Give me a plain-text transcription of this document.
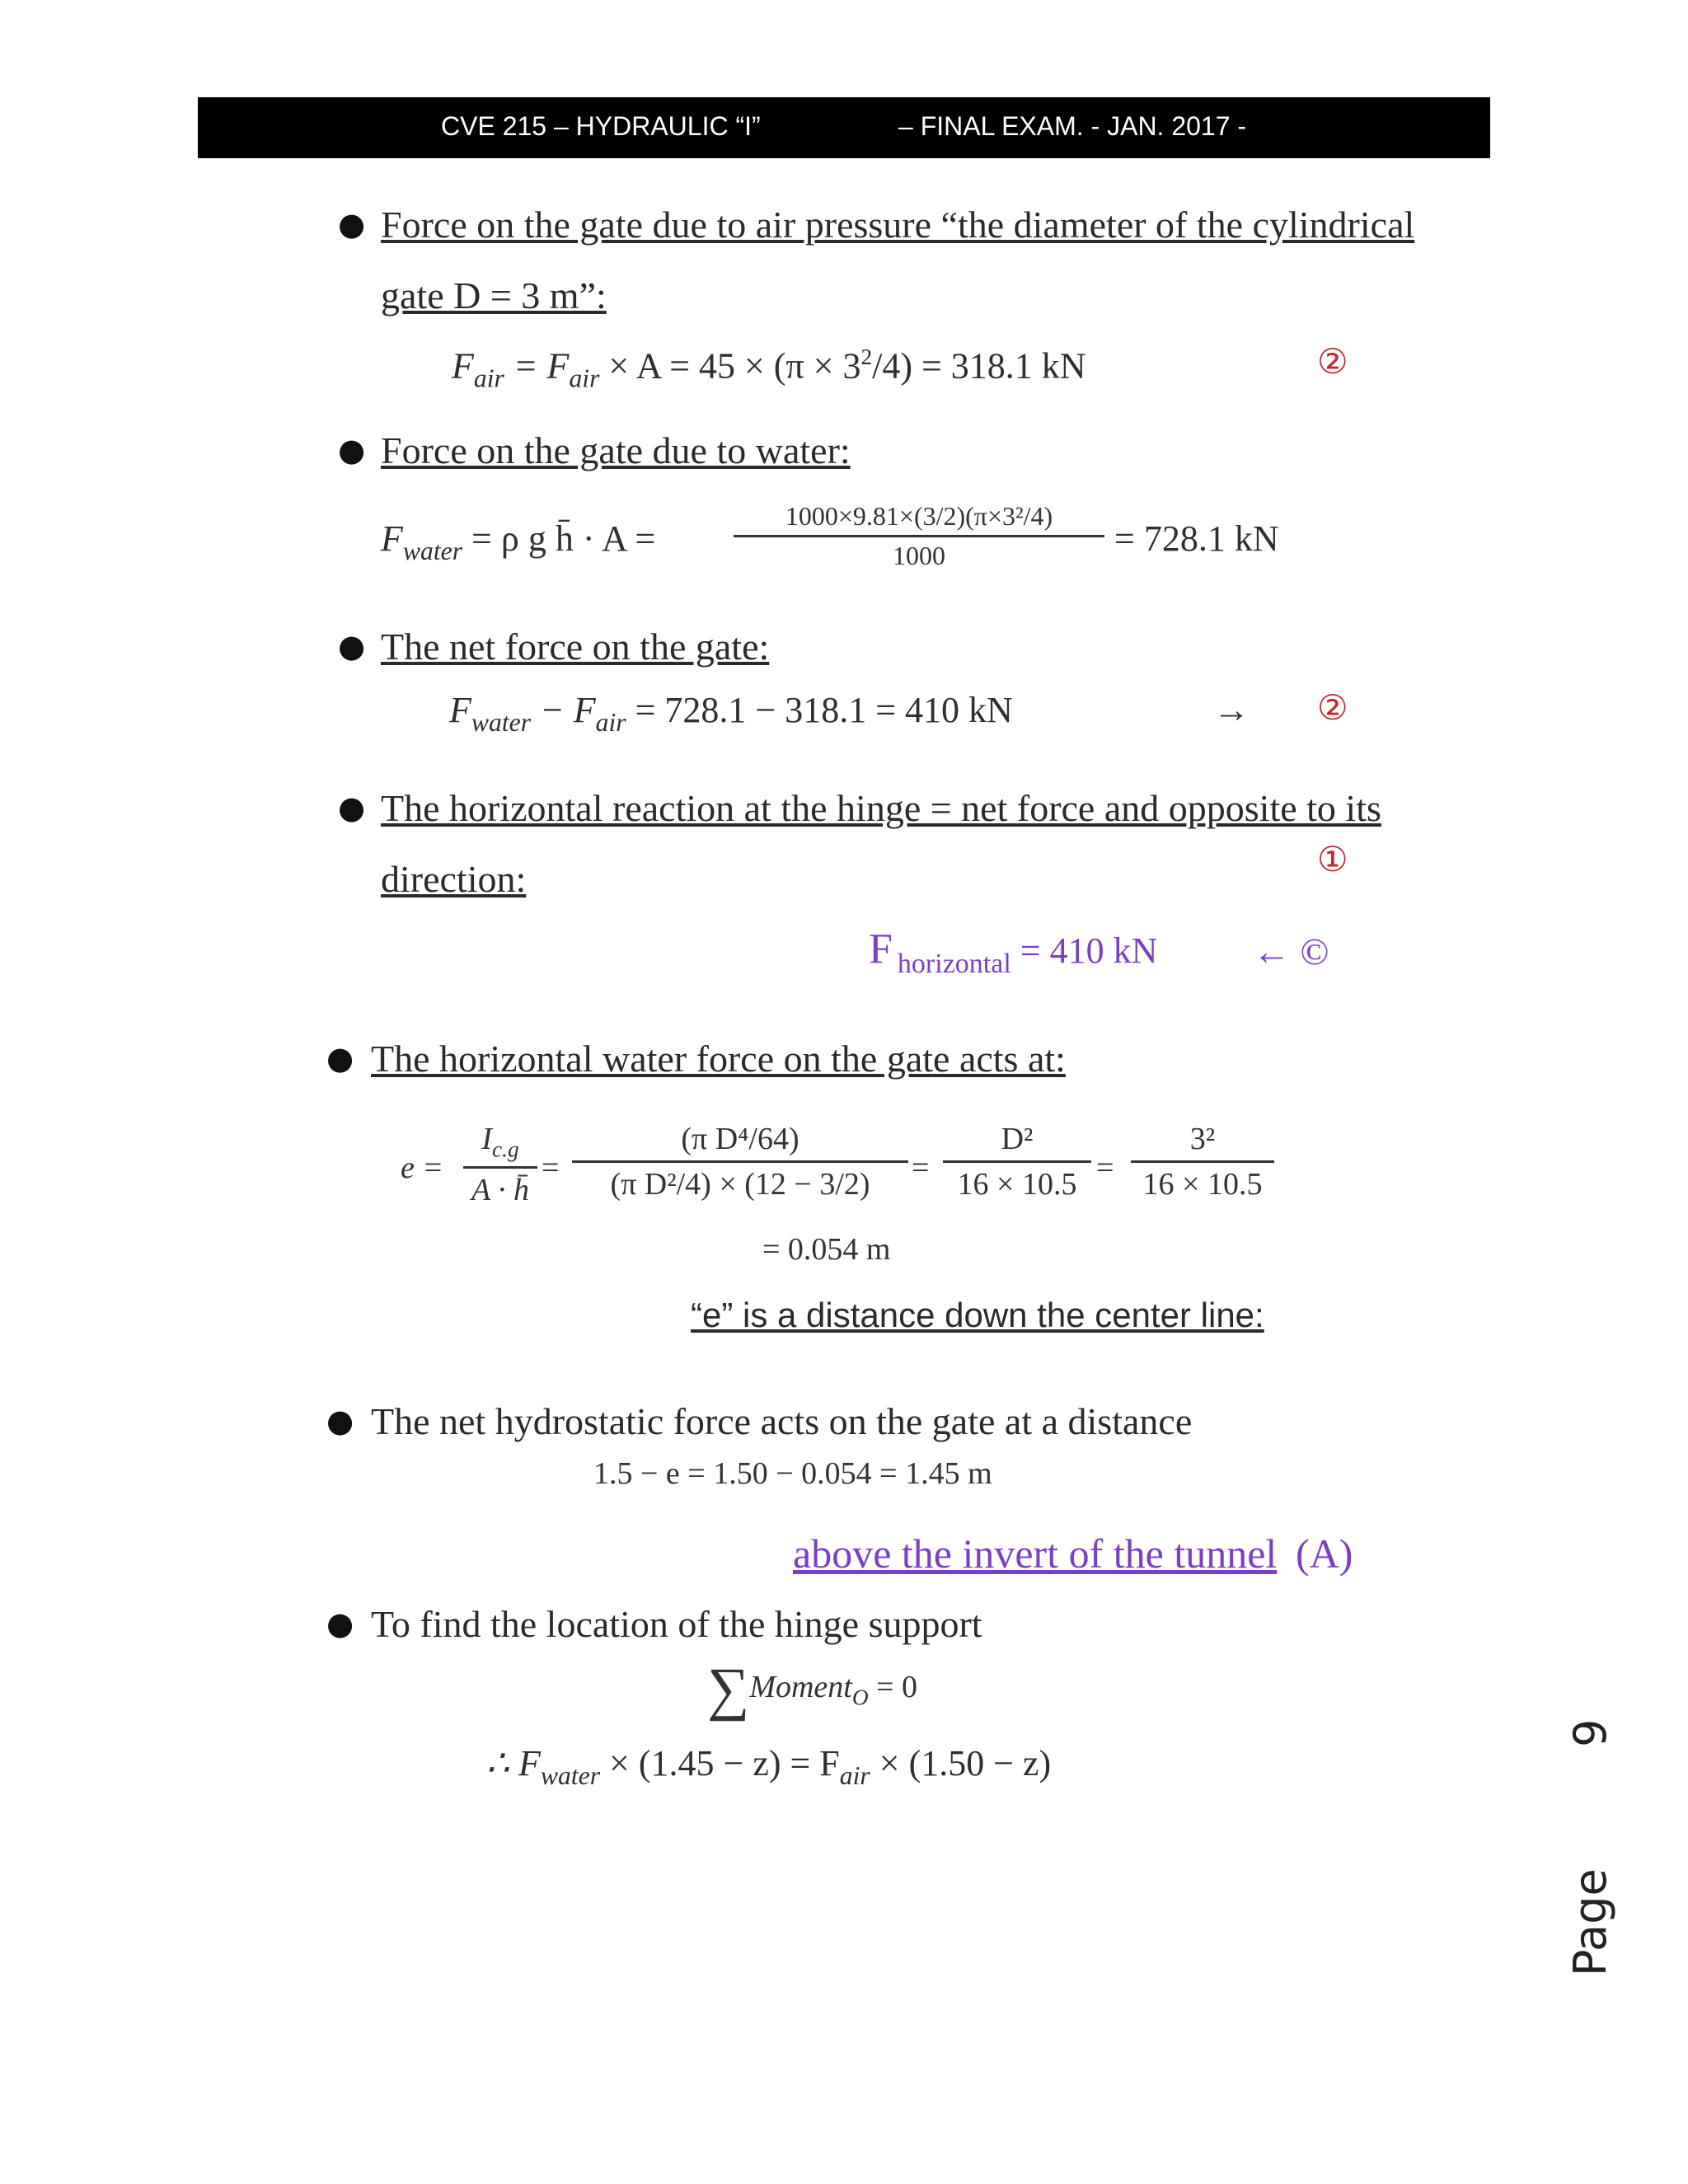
CVE 215 – HYDRAULIC “I”	– FINAL EXAM. - JAN. 2017 -
● Force on the gate due to air pressure “the diameter of the cylindrical
gate D = 3 m”:
$F_{air} = F_{air} \times A = 45 \times (\pi \times 3^2/4) = 318.1$ kN	②
● Force on the gate due to water:
$F_{water} = \rho$ g h̄ · A =
1000×9.81×(3/2)(π×3²/4)
1000	= 728.1 kN
● The net force on the gate:
$F_{water} - F_{air} = 728.1 - 318.1 = 410$ kN	→ ②
● The horizontal reaction at the hinge = net force and opposite to its
direction:	①
F $_{horizontal}$ = 410 kN	← ©
● The horizontal water force on the gate acts at:
e =
$I_{c.g}$
A · h̄
=
(π D⁴/64)
(π D²/4) × (12 − 3/2)	=
D²
16 × 10.5 =
3²
16 × 10.5
= 0.054 m
“e” is a distance down the center line:
● The net hydrostatic force acts on the gate at a distance
1.5 − e = 1.50 − 0.054 = 1.45 m
above the invert of the tunnel (A)
● To find the location of the hinge support
∑Moment$_O$ = 0
∴ $F_{water} \times (1.45 - z) = F_{air} \times (1.50 - z)$
Page
9
